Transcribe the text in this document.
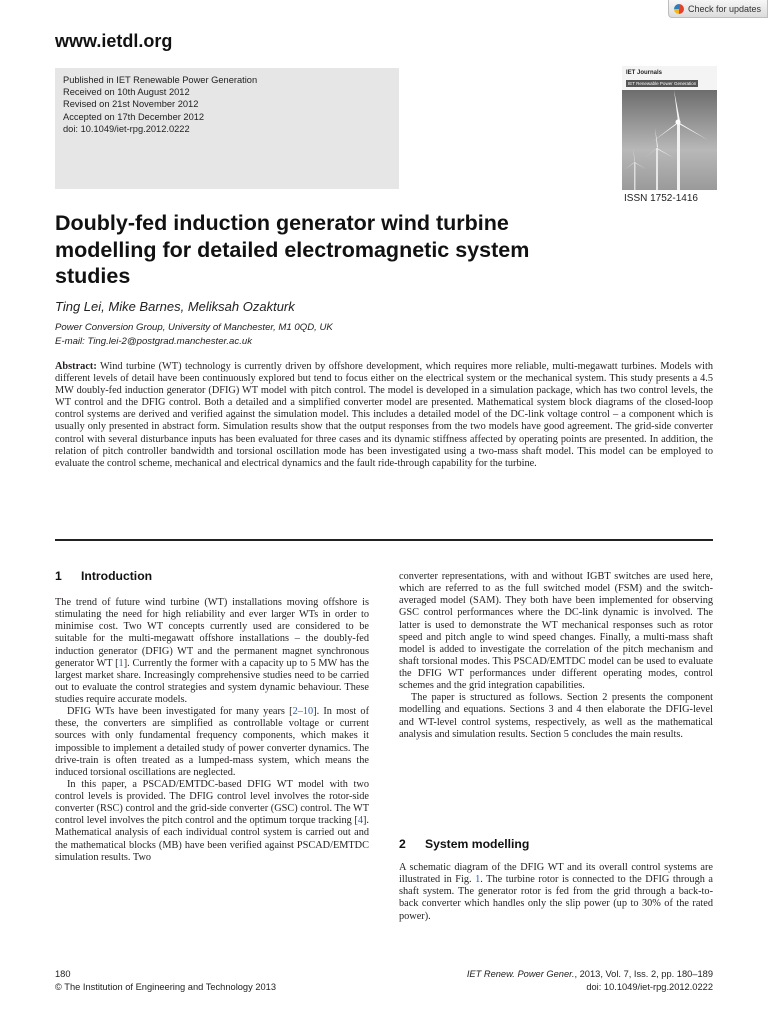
Check for updates
www.ietdl.org
Published in IET Renewable Power Generation
Received on 10th August 2012
Revised on 21st November 2012
Accepted on 17th December 2012
doi: 10.1049/iet-rpg.2012.0222
IET Journals
IET Renewable Power Generation
ISSN 1752-1416
Doubly-fed induction generator wind turbine
modelling for detailed electromagnetic system
studies
Ting Lei, Mike Barnes, Meliksah Ozakturk
Power Conversion Group, University of Manchester, M1 0QD, UK
E-mail: Ting.lei-2@postgrad.manchester.ac.uk
Abstract: Wind turbine (WT) technology is currently driven by offshore development, which requires more reliable, multi-megawatt turbines. Models with different levels of detail have been continuously explored but tend to focus either on the electrical system or the mechanical system. This study presents a 4.5 MW doubly-fed induction generator (DFIG) WT model with pitch control. The model is developed in a simulation package, which has two control levels, the WT control and the DFIG control. Both a detailed and a simplified converter model are presented. Mathematical system block diagrams of the closed-loop control systems are derived and verified against the simulation model. This includes a detailed model of the DC-link voltage control – a component which is usually only presented in abstract form. Simulation results show that the output responses from the two models have good agreement. The grid-side converter control with several disturbance inputs has been evaluated for three cases and its dynamic stiffness affected by operating points are presented. In addition, the relation of pitch controller bandwidth and torsional oscillation mode has been investigated using a two-mass shaft model. This model can be employed to evaluate the control scheme, mechanical and electrical dynamics and the fault ride-through capability for the turbine.
1 Introduction

The trend of future wind turbine (WT) installations moving offshore is stimulating the need for high reliability and ever larger WTs in order to minimise cost. Two WT concepts currently used are considered to be suitable for the multi-megawatt offshore installations – the doubly-fed induction generator (DFIG) WT and the permanent magnet synchronous generator WT [1]. Currently the former with a capacity up to 5 MW has the largest market share. Increasingly comprehensive studies need to be carried out to evaluate the control strategies and system dynamic behaviour. These studies require accurate models.

DFIG WTs have been investigated for many years [2–10]. In most of these, the converters are simplified as controllable voltage or current sources with only fundamental frequency components, which makes it impossible to implement a detailed study of power converter dynamics. The drive-train is often treated as a lumped-mass system, which means the induced torsional oscillations are neglected.

In this paper, a PSCAD/EMTDC-based DFIG WT model with two control levels is provided. The DFIG control level involves the rotor-side converter (RSC) control and the grid-side converter (GSC) control. The WT control level involves the pitch control and the optimum torque tracking [4]. Mathematical analysis of each individual control system is carried out and the mathematical blocks (MB) have been verified against PSCAD/EMTDC simulation results. Two

converter representations, with and without IGBT switches are used here, which are referred to as the full switched model (FSM) and the switch-averaged model (SAM). They both have been implemented for observing GSC control performances where the DC-link dynamic is involved. The latter is used to demonstrate the WT mechanical responses such as rotor speed and pitch angle to wind speed changes. Finally, a multi-mass shaft model is added to investigate the correlation of the pitch mechanism and shaft torsional modes. This PSCAD/EMTDC model can be used to evaluate the DFIG WT performances under different operating modes, control schemes and the grid integration capabilities.

The paper is structured as follows. Section 2 presents the component modelling and equations. Sections 3 and 4 then elaborate the DFIG-level and WT-level control systems, respectively, as well as the mathematical analysis and simulation results. Section 5 concludes the main results.

2 System modelling

A schematic diagram of the DFIG WT and its overall control systems are illustrated in Fig. 1. The turbine rotor is connected to the DFIG through a shaft system. The generator rotor is fed from the grid through a back-to-back converter which handles only the slip power (up to 30% of the rated power).

180
© The Institution of Engineering and Technology 2013
IET Renew. Power Gener., 2013, Vol. 7, Iss. 2, pp. 180–189
doi: 10.1049/iet-rpg.2012.0222
